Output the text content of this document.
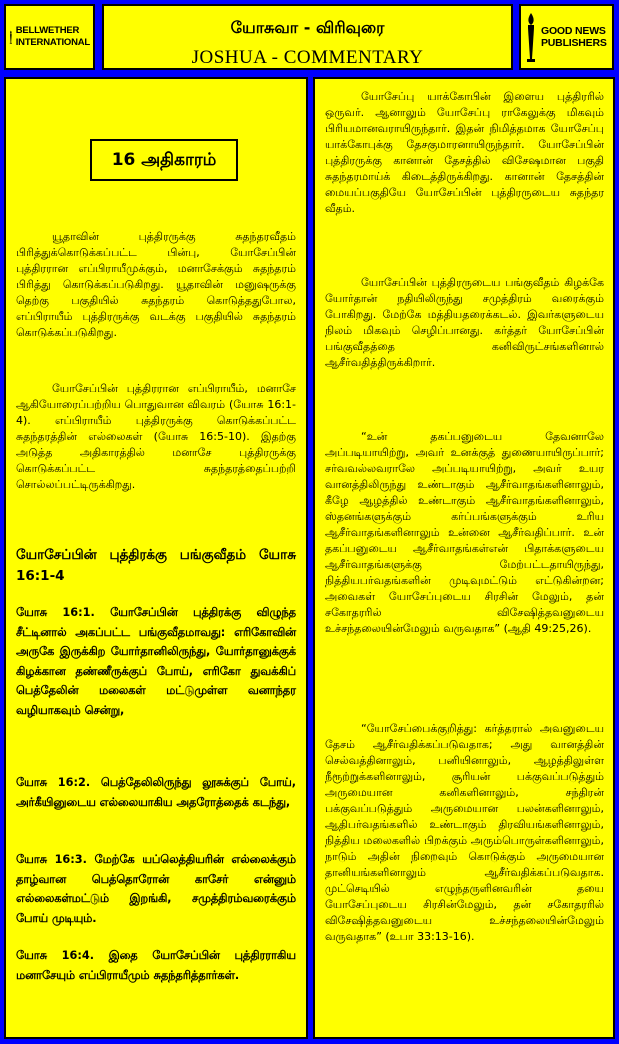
BELLWETHER
INTERNATIONAL
யோசுவா - விரிவுரை
JOSHUA - COMMENTARY
GOOD NEWS
PUBLISHERS
16 அதிகாரம்

யூதாவின் புத்திரருக்கு சுதந்தரவீதம் பிரித்துக்கொடுக்கப்பட்ட பின்பு, யோசேப்பின் புத்திரரான எப்பிராயீமுக்கும், மனாசேக்கும் சுதந்தரம் பிரித்து கொடுக்கப்படுகிறது. யூதாவின் மனுஷருக்கு தெற்கு பகுதியில் சுதந்தரம் கொடுத்ததுபோல, எப்பிராயீம் புத்திரருக்கு வடக்கு பகுதியில் சுதந்தரம் கொடுக்கப்படுகிறது.

யோசேப்பின் புத்திரரான எப்பிராயீம், மனாசே ஆகியோரைப்பற்றிய பொதுவான விவரம் (யோசு 16:1-4). எப்பிராயீம் புத்திரருக்கு கொடுக்கப்பட்ட சுதந்தரத்தின் எல்லைகள் (யோசு 16:5-10). இதற்கு அடுத்த அதிகாரத்தில் மனாசே புத்திரருக்கு கொடுக்கப்பட்ட சுதந்தரத்தைப்பற்றி சொல்லப்பட்டிருக்கிறது.

யோசேப்பின் புத்திரக்கு பங்குவீதம் யோசு 16:1-4

யோசு 16:1. யோசேப்பின் புத்திரக்கு விழுந்த சீட்டினால் அகப்பட்ட பங்குவீதமாவது: எரிகோவின் அருகே இருக்கிற யோர்தானிலிருந்து, யோர்தானுக்குக் கிழக்கான தண்ணீருக்குப் போய், எரிகோ துவக்கிப் பெத்தேலின் மலைகள் மட்டுமுள்ள வனாந்தர வழியாகவும் சென்று,

யோசு 16:2. பெத்தேலிலிருந்து லூசுக்குப் போய், அர்கீயினுடைய எல்லையாகிய அதரோத்தைக் கடந்து,

யோசு 16:3. மேற்கே யப்லெத்தியரின் எல்லைக்கும் தாழ்வான பெத்தொரோன் காசேர் என்னும் எல்லைகள்மட்டும் இறங்கி, சமுத்திரம்வரைக்கும் போய் முடியும்.

யோசு 16:4. இதை யோசேப்பின் புத்திரராகிய மனாசேயும் எப்பிராயீமும் சுதந்தரித்தார்கள்.

யோசேப்பு யாக்கோபின் இளைய புத்திரரில் ஒருவர். ஆனாலும் யோசேப்பு ராகேலுக்கு மிகவும் பிரியமானவராயிருந்தார். இதன் நிமித்தமாக யோசேப்பு யாக்கோபுக்கு தேசகுமாரனாயிருந்தார். யோசேப்பின் புத்திரருக்கு கானான் தேசத்தில் விசேஷமான பகுதி சுதந்தரமாய்க் கிடைத்திருக்கிறது. கானான் தேசத்தின் மையப்பகுதியே யோசேப்பின் புத்திரருடைய சுதந்தர வீதம்.

யோசேப்பின் புத்திரருடைய பங்குவீதம் கிழக்கே யோர்தான் நதியிலிருந்து சமுத்திரம் வரைக்கும் போகிறது. மேற்கே மத்தியதரைக்கடல். இவர்களுடைய நிலம் மிகவும் செழிப்பானது. கர்த்தர் யோசேப்பின் பங்குவீதத்தை கனிவிருட்சங்களினால் ஆசீர்வதித்திருக்கிறார்.

“உன் தகப்பனுடைய தேவனாலே அப்படியாயிற்று, அவர் உனக்குத் துணையாயிருப்பார்; சர்வவல்லவராலே அப்படியாயிற்று, அவர் உயர வானத்திலிருந்து உண்டாகும் ஆசீர்வாதங்களினாலும், கீழே ஆழத்தில் உண்டாகும் ஆசீர்வாதங்களினாலும், ஸ்தனங்களுக்கும் கர்ப்பங்களுக்கும் உரிய ஆசீர்வாதங்களினாலும் உன்னை ஆசீர்வதிப்பார். உன் தகப்பனுடைய ஆசீர்வாதங்கள்என் பிதாக்களுடைய ஆசீர்வாதங்களுக்கு மேற்பட்டதாயிருந்து, நித்தியபர்வதங்களின் முடிவுமட்டும் எட்டுகின்றன; அவைகள் யோசேப்புடைய சிரசின் மேலும், தன் சகோதரரில் விசேஷித்தவனுடைய உச்சந்தலையின்மேலும் வருவதாக” (ஆதி 49:25,26).

“யோசேப்பைக்குறித்து: கர்த்தரால் அவனுடைய தேசம் ஆசீர்வதிக்கப்படுவதாக; அது வானத்தின் செல்வத்தினாலும், பனியினாலும், ஆழத்திலுள்ள நீரூற்றுக்களினாலும், சூரியன் பக்குவப்படுத்தும் அருமையான கனிகளினாலும், சந்திரன் பக்குவப்படுத்தும் அருமையான பலன்களினாலும், ஆதிபர்வதங்களில் உண்டாகும் திரவியங்களினாலும், நித்திய மலைகளில் பிறக்கும் அரும்பொருள்களினாலும், நாடும் அதின் நிறைவும் கொடுக்கும் அருமையான தானியங்களினாலும் ஆசீர்வதிக்கப்படுவதாக. முட்செடியில் எழுந்தருளினவரின் தயை யோசேப்புடைய சிரசின்மேலும், தன் சகோதரரில் விசேஷித்தவனுடைய உச்சந்தலையின்மேலும் வருவதாக” (உபா 33:13-16).
